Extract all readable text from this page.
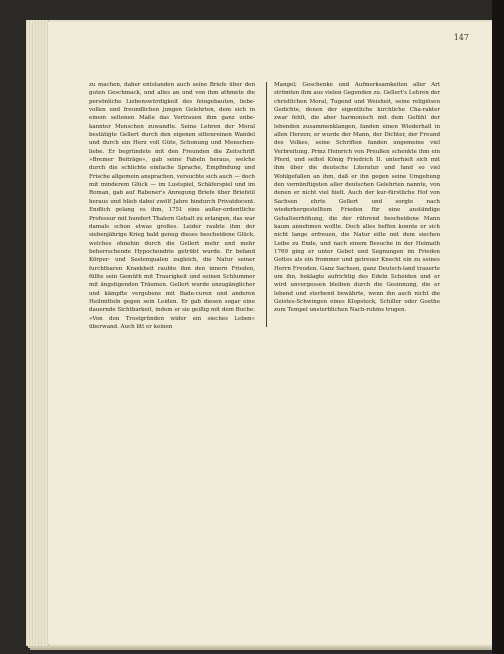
147
zu machen, daher entstanden auch seine Briefe über den guten Geschmack, und alles an und von ihm athmete die persönliche Liebenswürdigkeit des feingebauten, liebe-vollen und freundlichen jungen Gelehrten, dem sich in einem seltenen Maße das Vertrauen ihm ganz unbe-kannter Menschen zuwandte. Seine Lehren der Moral bestätigte Gellert durch den eigenen sittenreinen Wandel und durch ein Herz voll Güte, Schonung und Menschen-liebe. Er begründete mit den Freunden die Zeitschrift »Bremer Beiträge«, gab seine Fabeln heraus, welche durch die schlichte einfache Sprache, Empfindung und Frische allgemein ansprachen, versuchte sich auch — doch mit minderem Glück — im Lustspiel, Schäferspiel und im Roman, gab auf Rabener's Anregung Briefe über Briefstil heraus und blieb dabei zwölf Jahre hindurch Privatdocent. Endlich gelang es ihm, 1751 eine außer-ordentliche Professur mit hundert Thalern Gehalt zu erlangen, das war damals schon etwas großes. Leider raubte ihm der siebenjährige Krieg bald genug dieses bescheidene Glück, welches ohnehin durch die Gellert mehr und mehr beherrschende Hypochondrie getrübt wurde. Er befand Körper- und Seelenqualen zugleich, die Natur seiner furchtbaren Krankheit raubte ihm den innern Frieden, füllte sein Gemüth mit Traurigkeit und seinen Schlummer mit ängstigenden Träumen. Gellert wurde unzugänglicher und kämpfte vergebens mit Bade-curen und anderen Heilmitteln gegen sein Leiden. Er gab diesen sogar eine dauernde Sichtbarkeit, indem er sie geißig mit dem Buche: »Von den Trostgründen wider ein sieches Leben« überwand. Auch litt er keinen
Mangel; Geschenke und Aufmerksamkeiten aller Art strömten ihm aus vielen Gegenden zu. Gellert's Lehren der christlichen Moral, Tugend und Weisheit, seine religiösen Gedichte, denen der eigentliche kirchliche Cha-rakter zwar fehlt, die aber harmonisch mit dem Gefühl der lebenden zusammenklangen, fanden einen Wiederhall in allen Herzen; er wurde der Mann, der Dichter, der Freund des Volkes, seine Schriften fanden ungemeine viel Verbreitung. Prinz Heinrich von Preußen schenkte ihm ein Pferd, und selbst König Friedrich II. unterhielt sich mit ihm über die deutsche Literatur und fand so viel Wohlgefallen an ihm, daß er ihn gegen seine Umgebung den vernünftigsten aller deutschen Gelehrten nannte, von denen er nicht viel hielt. Auch der kur-fürstliche Hof von Sachsen ehrte Gellert und sorgte nach wiederhergestelltem Frieden für eine anständige Gehaltserhöhung, die der rührend bescheidene Mann kaum annehmen wollte. Doch alles beffen konnte er sich nicht lange erfreuen, die Natur eilte mit dem siechen Leibe zu Ende, und nach einem Besuche in der Heimath 1769 ging er unter Gebet und Segnungen im Frieden Gottes als ein frommer und getreuer Knecht ein zu seines Herrn Freuden. Ganz Sachsen, ganz Deutsch-land trauerte um ihn, beklagte aufrichtig des Edeln Scheiden und er wird unvergessen bleiben durch die Gesinnung, die er lebend und sterbend bewährte, wenn ihn auch nicht die Geistes-Schwingen eines Klopstock, Schiller oder Goethe zum Tempel unsterblichen Nach-ruhms trugen.
